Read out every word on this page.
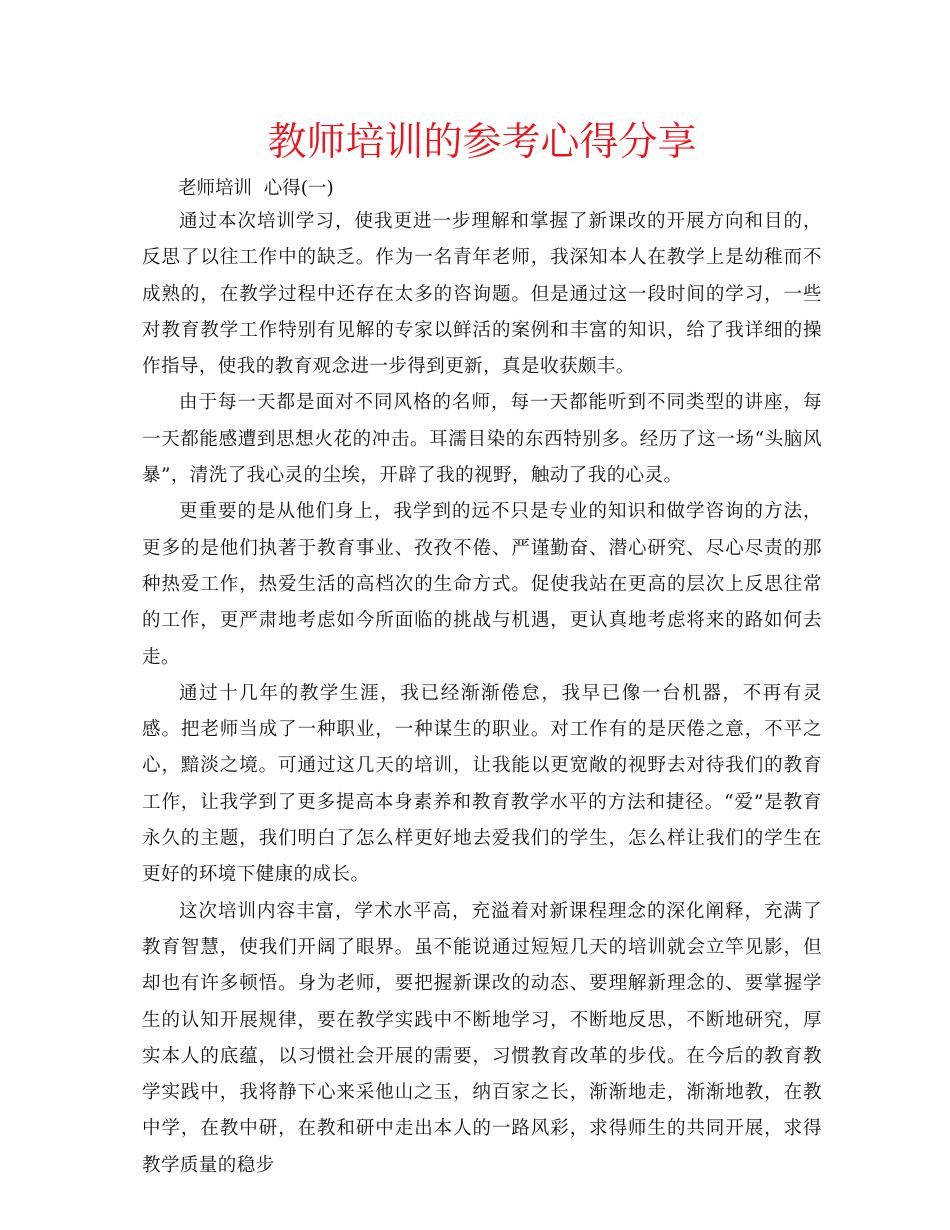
教师培训的参考心得分享

老师培训  心得(一)

通过本次培训学习，使我更进一步理解和掌握了新课改的开展方向和目的，反思了以往工作中的缺乏。作为一名青年老师，我深知本人在教学上是幼稚而不成熟的，在教学过程中还存在太多的咨询题。但是通过这一段时间的学习，一些对教育教学工作特别有见解的专家以鲜活的案例和丰富的知识，给了我详细的操作指导，使我的教育观念进一步得到更新，真是收获颇丰。

由于每一天都是面对不同风格的名师，每一天都能听到不同类型的讲座，每一天都能感遭到思想火花的冲击。耳濡目染的东西特别多。经历了这一场“头脑风暴”，清洗了我心灵的尘埃，开辟了我的视野，触动了我的心灵。

更重要的是从他们身上，我学到的远不只是专业的知识和做学咨询的方法，更多的是他们执著于教育事业、孜孜不倦、严谨勤奋、潜心研究、尽心尽责的那种热爱工作，热爱生活的高档次的生命方式。促使我站在更高的层次上反思往常的工作，更严肃地考虑如今所面临的挑战与机遇，更认真地考虑将来的路如何去走。

通过十几年的教学生涯，我已经渐渐倦怠，我早已像一台机器，不再有灵感。把老师当成了一种职业，一种谋生的职业。对工作有的是厌倦之意，不平之心，黯淡之境。可通过这几天的培训，让我能以更宽敞的视野去对待我们的教育工作，让我学到了更多提高本身素养和教育教学水平的方法和捷径。“爱”是教育永久的主题，我们明白了怎么样更好地去爱我们的学生，怎么样让我们的学生在更好的环境下健康的成长。

这次培训内容丰富，学术水平高，充溢着对新课程理念的深化阐释，充满了教育智慧，使我们开阔了眼界。虽不能说通过短短几天的培训就会立竿见影，但却也有许多顿悟。身为老师，要把握新课改的动态、要理解新理念的、要掌握学生的认知开展规律，要在教学实践中不断地学习，不断地反思，不断地研究，厚实本人的底蕴，以习惯社会开展的需要，习惯教育改革的步伐。在今后的教育教学实践中，我将静下心来采他山之玉，纳百家之长，渐渐地走，渐渐地教，在教中学，在教中研，在教和研中走出本人的一路风彩，求得师生的共同开展，求得教学质量的稳步
